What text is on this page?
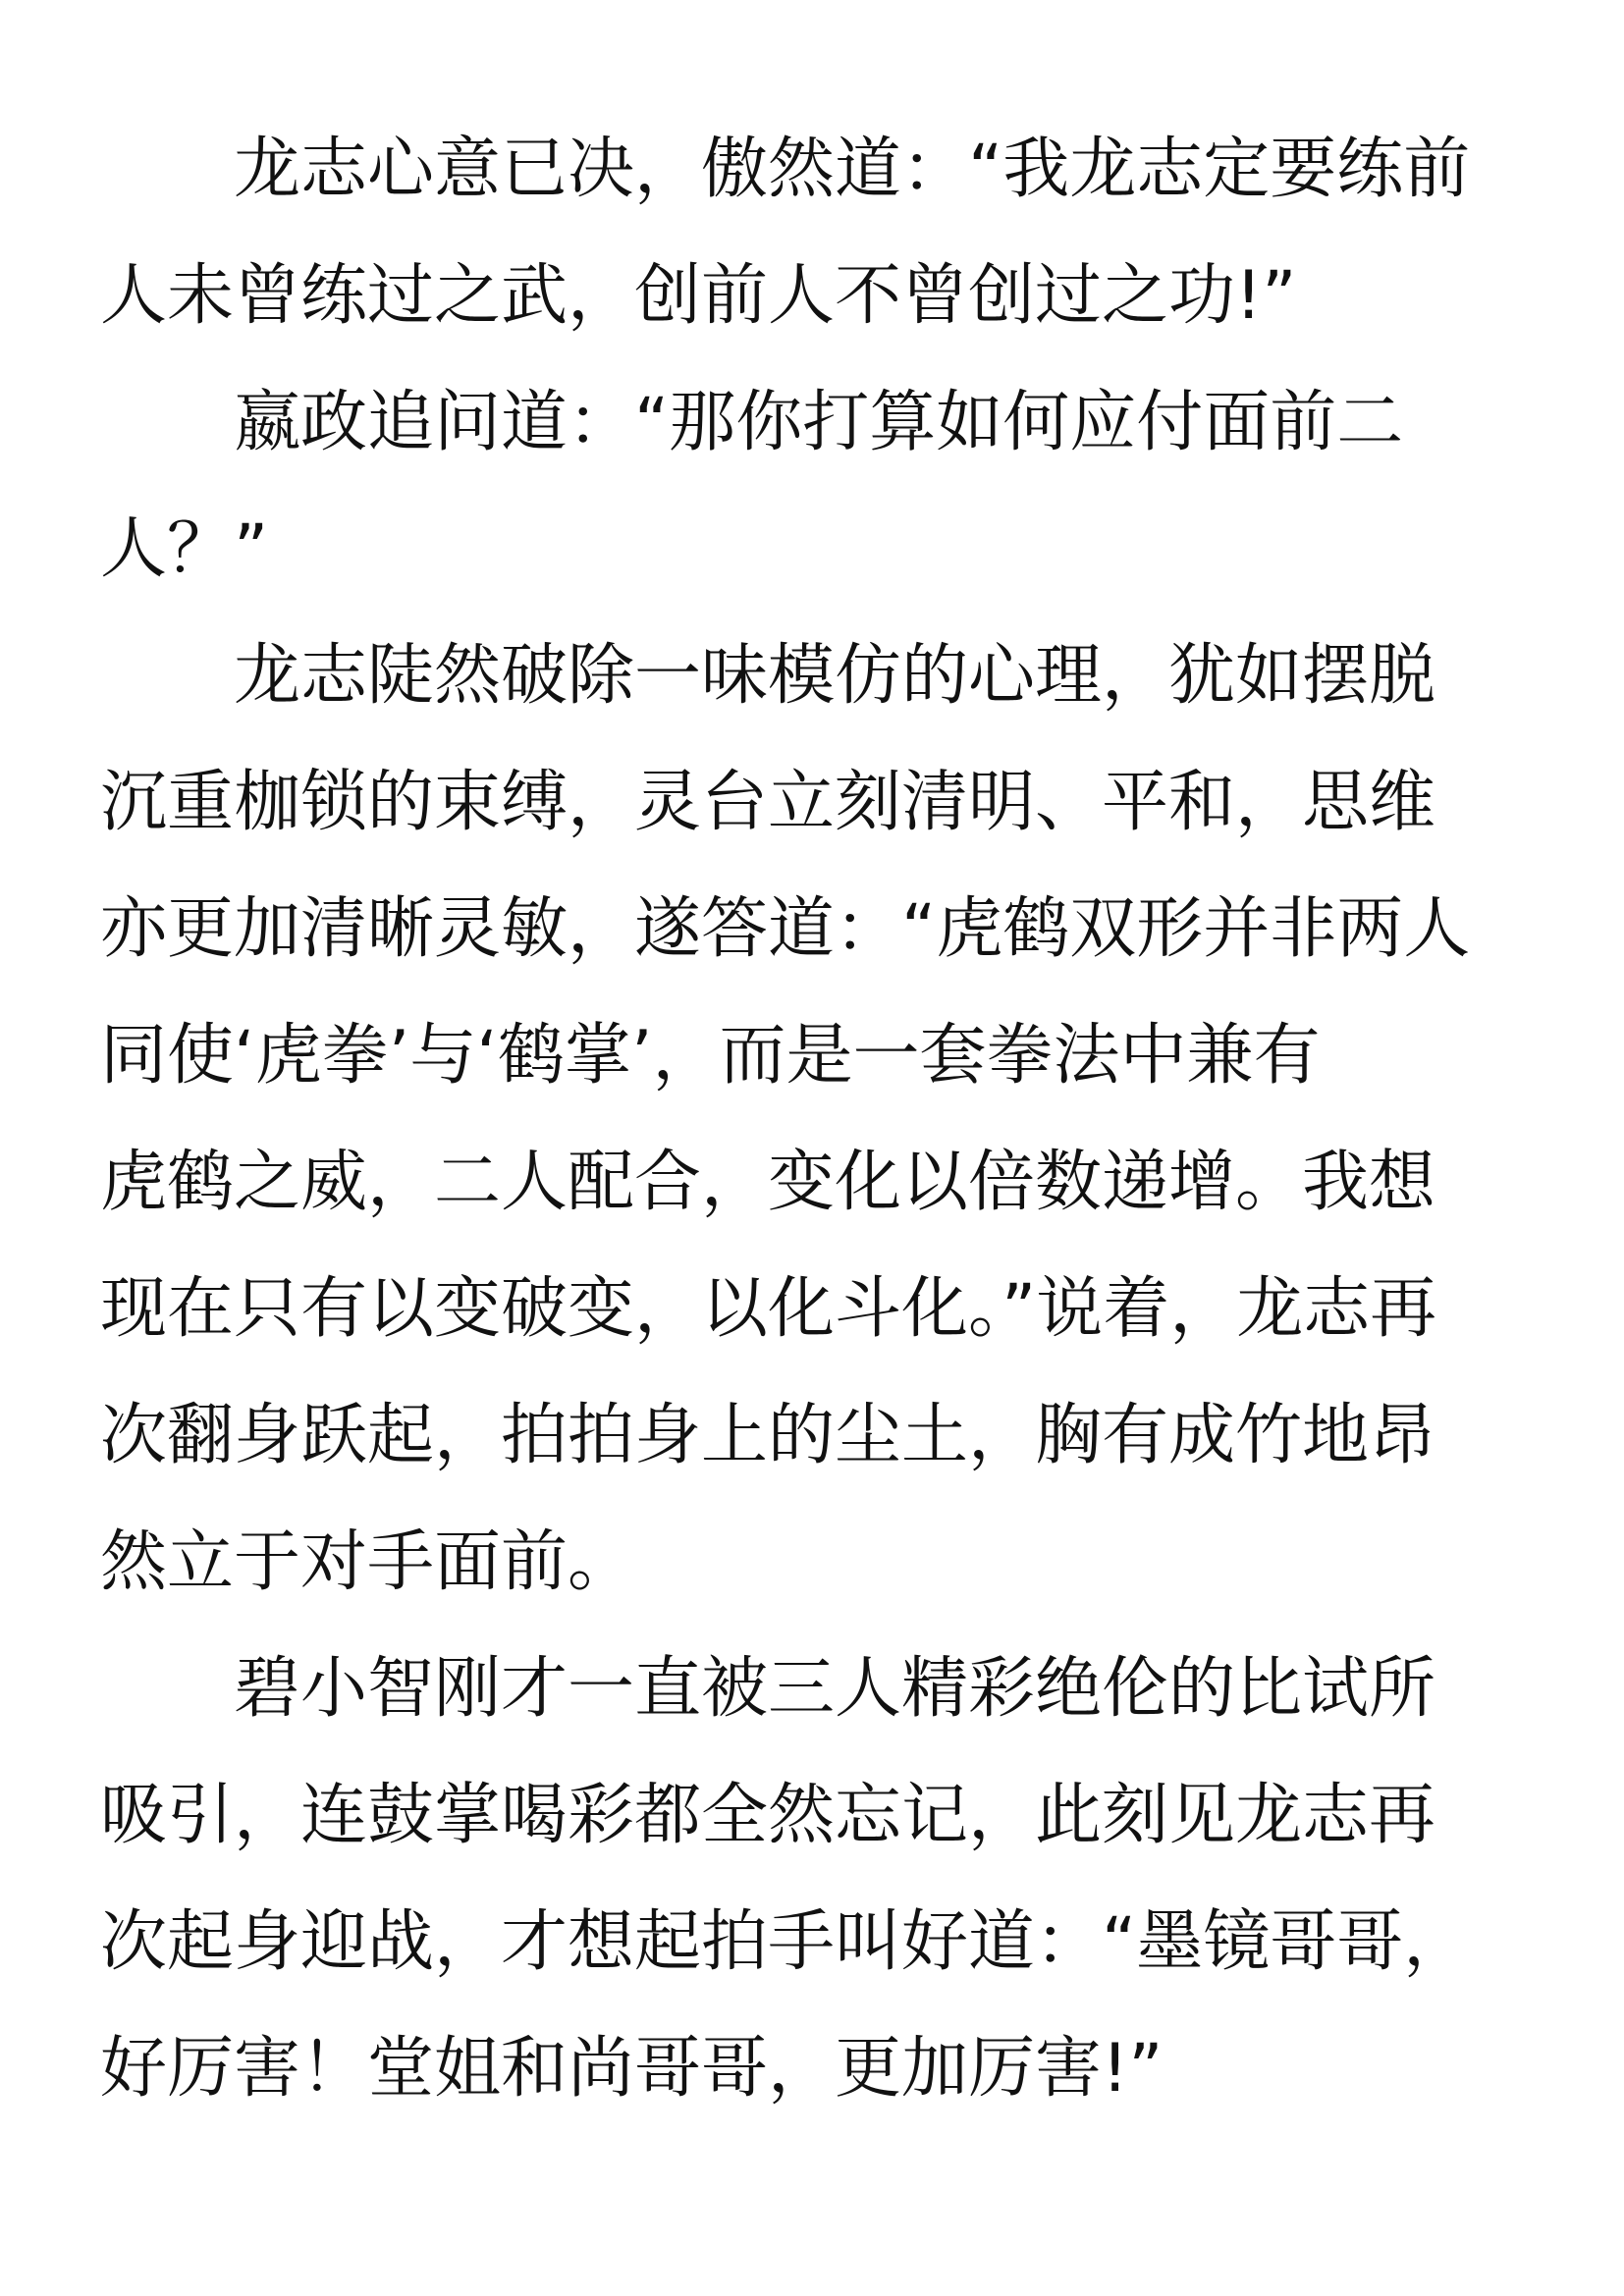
龙志心意已决，傲然道：“我龙志定要练前
人未曾练过之武，创前人不曾创过之功!”
嬴政追问道：“那你打算如何应付面前二
人？”
龙志陡然破除一味模仿的心理，犹如摆脱
沉重枷锁的束缚，灵台立刻清明、平和，思维
亦更加清晰灵敏，遂答道：“虎鹤双形并非两人
同使‘虎拳’与‘鹤掌’，而是一套拳法中兼有
虎鹤之威，二人配合，变化以倍数递增。我想
现在只有以变破变，以化斗化。”说着，龙志再
次翻身跃起，拍拍身上的尘土，胸有成竹地昂
然立于对手面前。
碧小智刚才一直被三人精彩绝伦的比试所
吸引，连鼓掌喝彩都全然忘记，此刻见龙志再
次起身迎战，才想起拍手叫好道：“墨镜哥哥，
好厉害！堂姐和尚哥哥，更加厉害!”
